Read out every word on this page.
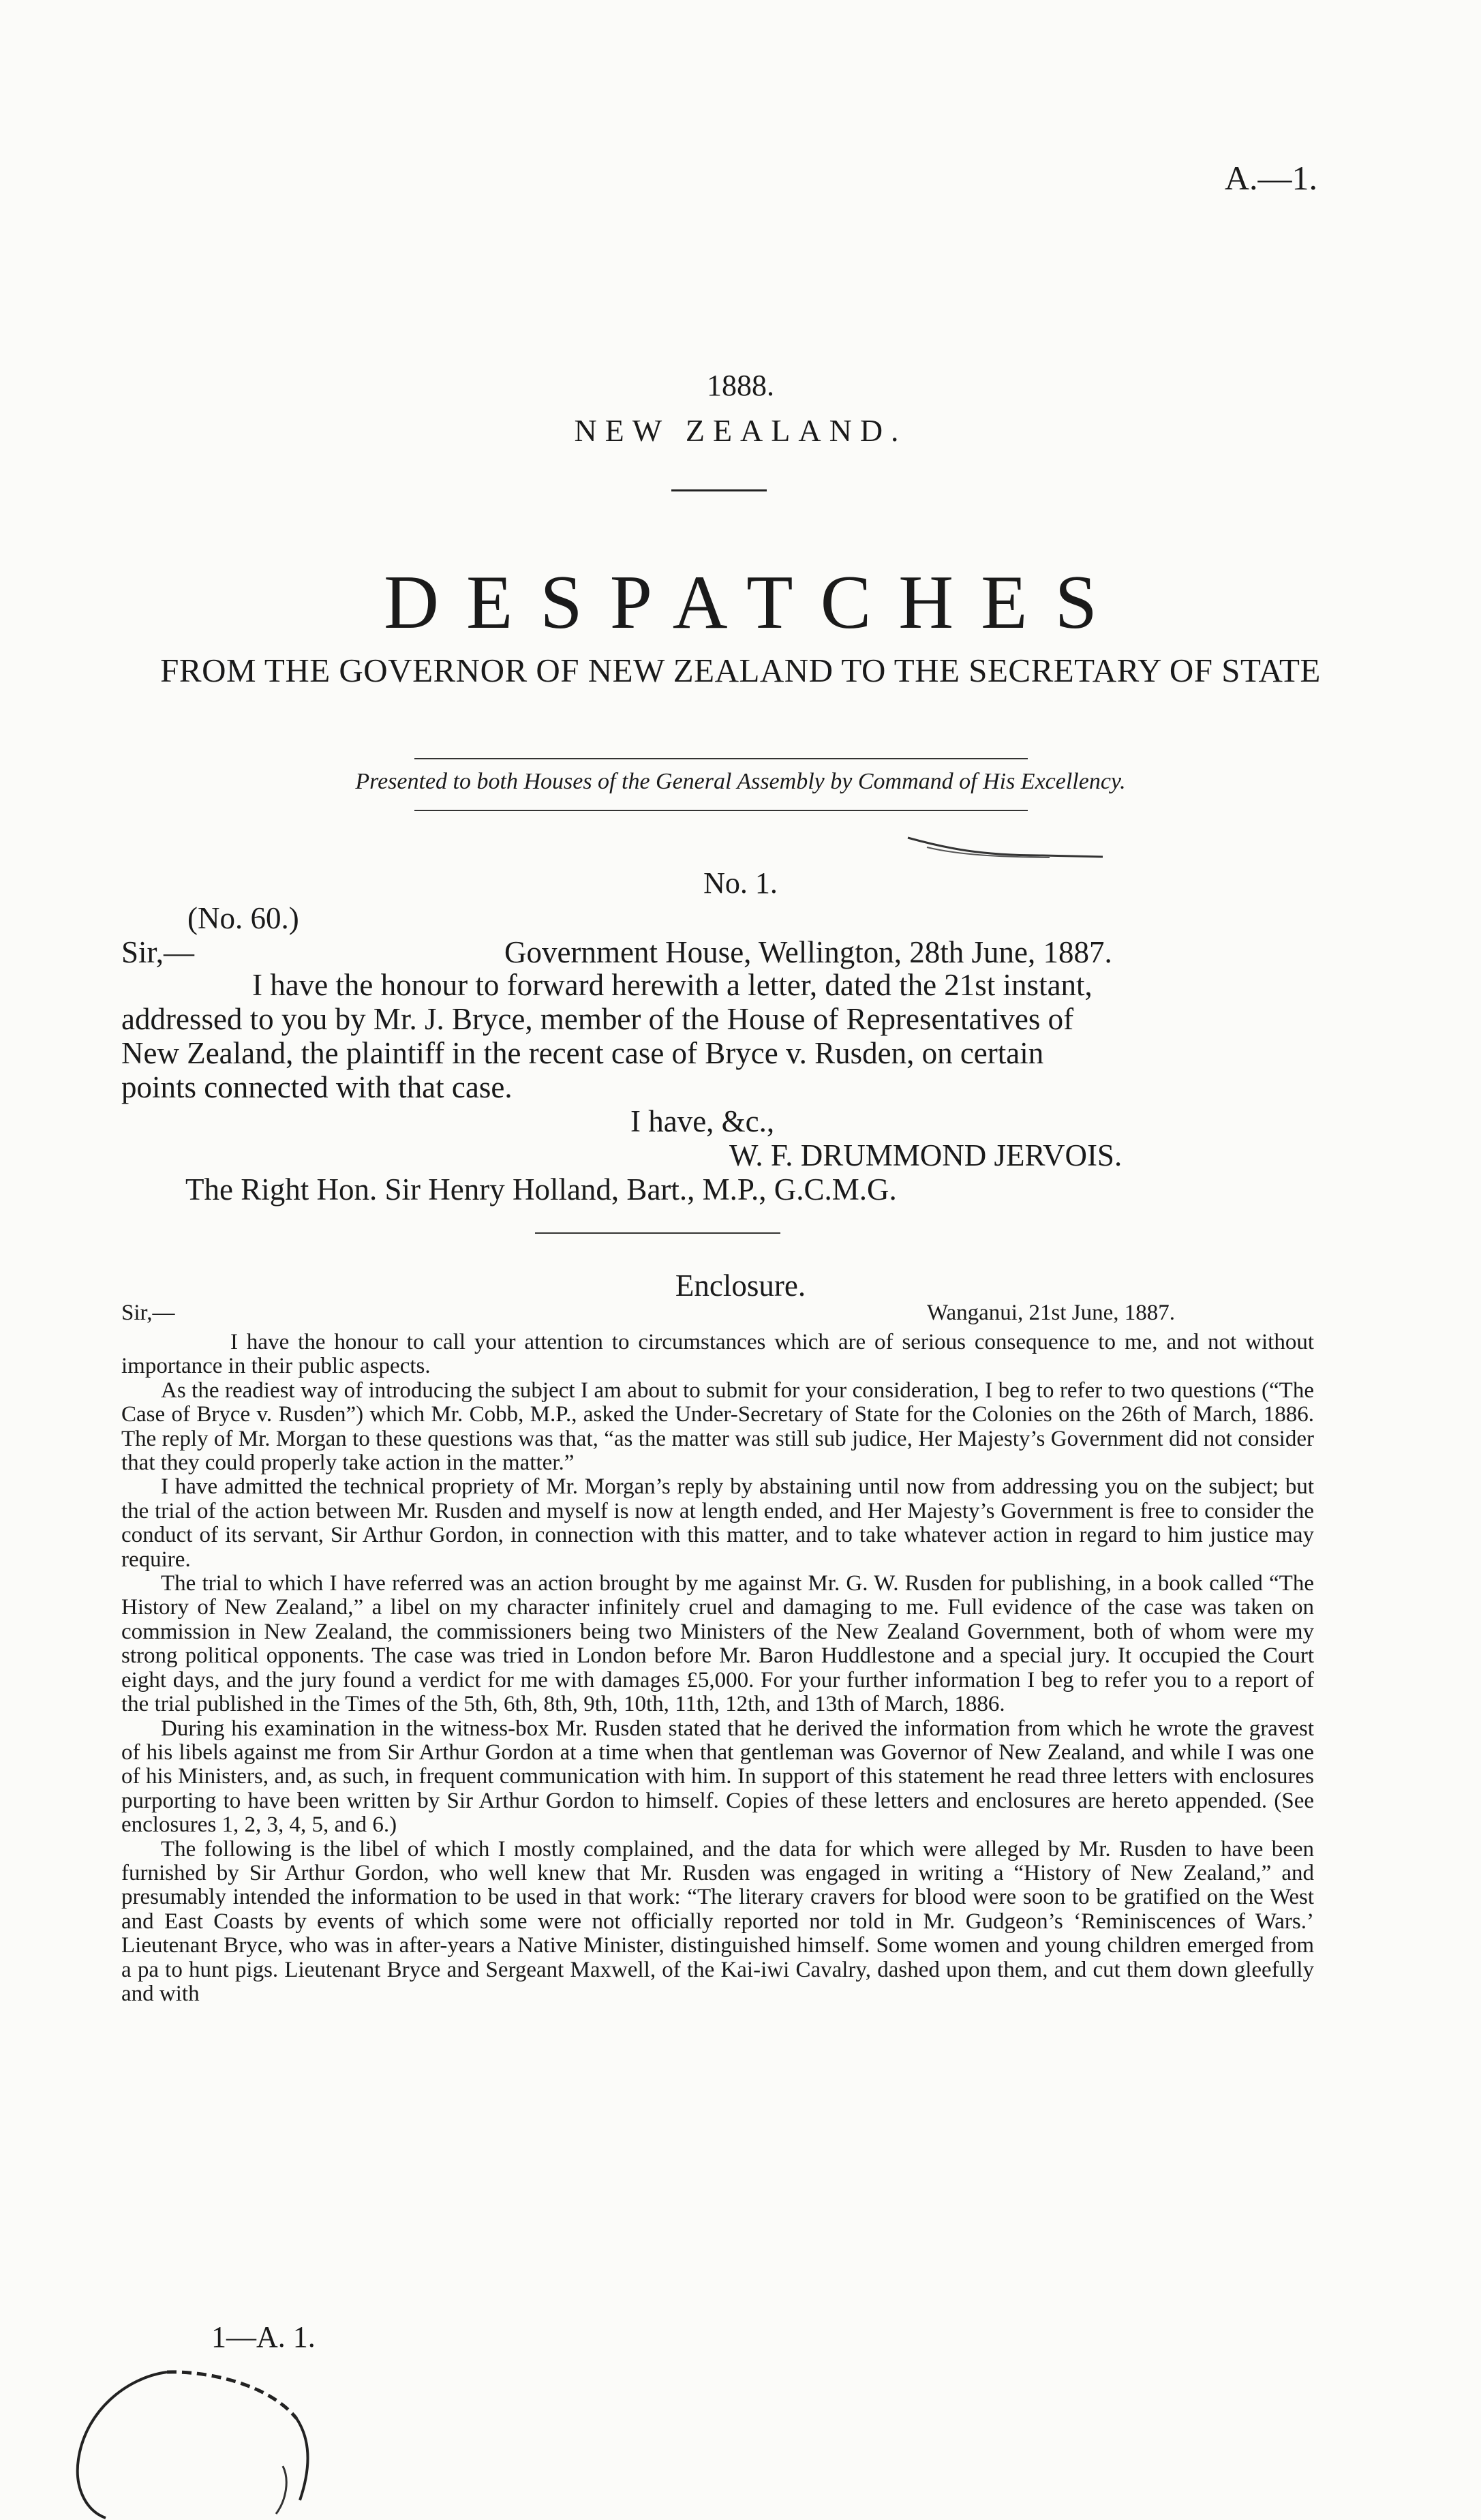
A.—1.
1888.
NEW ZEALAND.
DESPATCHES
FROM THE GOVERNOR OF NEW ZEALAND TO THE SECRETARY OF STATE
Presented to both Houses of the General Assembly by Command of His Excellency.
No. 1.
(No. 60.)
Sir,—	Government House, Wellington, 28th June, 1887.
I have the honour to forward herewith a letter, dated the 21st instant,
addressed to you by Mr. J. Bryce, member of the House of Representatives of
New Zealand, the plaintiff in the recent case of Bryce v. Rusden, on certain
points connected with that case.
I have, &c.,
W. F. DRUMMOND JERVOIS.
The Right Hon. Sir Henry Holland, Bart., M.P., G.C.M.G.
Enclosure.
Sir,—	Wanganui, 21st June, 1887.

I have the honour to call your attention to circumstances which are of serious consequence to me, and not without importance in their public aspects.

As the readiest way of introducing the subject I am about to submit for your consideration, I beg to refer to two questions (“The Case of Bryce v. Rusden”) which Mr. Cobb, M.P., asked the Under-Secretary of State for the Colonies on the 26th of March, 1886. The reply of Mr. Morgan to these questions was that, “as the matter was still sub judice, Her Majesty’s Government did not consider that they could properly take action in the matter.”

I have admitted the technical propriety of Mr. Morgan’s reply by abstaining until now from addressing you on the subject; but the trial of the action between Mr. Rusden and myself is now at length ended, and Her Majesty’s Government is free to consider the conduct of its servant, Sir Arthur Gordon, in connection with this matter, and to take whatever action in regard to him justice may require.

The trial to which I have referred was an action brought by me against Mr. G. W. Rusden for publishing, in a book called “The History of New Zealand,” a libel on my character infinitely cruel and damaging to me. Full evidence of the case was taken on commission in New Zealand, the commissioners being two Ministers of the New Zealand Government, both of whom were my strong political opponents. The case was tried in London before Mr. Baron Huddlestone and a special jury. It occupied the Court eight days, and the jury found a verdict for me with damages £5,000. For your further information I beg to refer you to a report of the trial published in the Times of the 5th, 6th, 8th, 9th, 10th, 11th, 12th, and 13th of March, 1886.

During his examination in the witness-box Mr. Rusden stated that he derived the information from which he wrote the gravest of his libels against me from Sir Arthur Gordon at a time when that gentleman was Governor of New Zealand, and while I was one of his Ministers, and, as such, in frequent communication with him. In support of this statement he read three letters with enclosures purporting to have been written by Sir Arthur Gordon to himself. Copies of these letters and enclosures are hereto appended. (See enclosures 1, 2, 3, 4, 5, and 6.)

The following is the libel of which I mostly complained, and the data for which were alleged by Mr. Rusden to have been furnished by Sir Arthur Gordon, who well knew that Mr. Rusden was engaged in writing a “History of New Zealand,” and presumably intended the information to be used in that work: “The literary cravers for blood were soon to be gratified on the West and East Coasts by events of which some were not officially reported nor told in Mr. Gudgeon’s ‘Reminiscences of Wars.’ Lieutenant Bryce, who was in after-years a Native Minister, distinguished himself. Some women and young children emerged from a pa to hunt pigs. Lieutenant Bryce and Sergeant Maxwell, of the Kai-iwi Cavalry, dashed upon them, and cut them down gleefully and with

1—A. 1.
